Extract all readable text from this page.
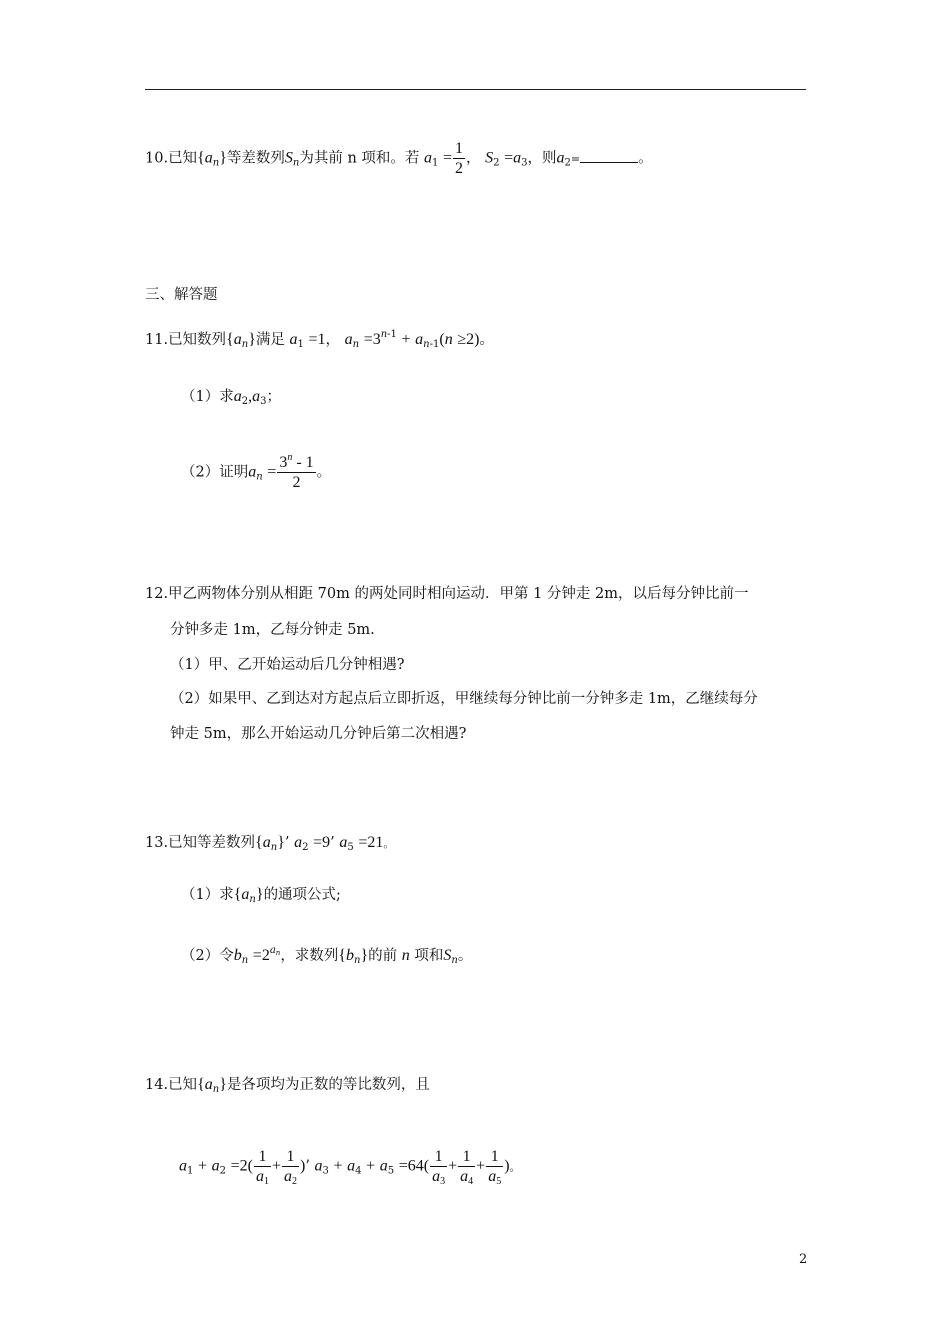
10.已知$\{a_n\}$等差数列$S_n$为其前 n 项和。若 $a_1 = \frac{1}{2}$ ， $S_2 =a_3$，则$a_2=$	。
三、解答题
11.已知数列$\{a_n\}$满足 $a_1 =1$， $a_n =3^{n-1} + a_{n-1}(n \ge 2)$。
（1）求$a_2,a_3$；
（2）证明$a_n = \frac{3^n - 1}{2}$ 。
12.甲乙两物体分别从相距 70m 的两处同时相向运动．甲第 1 分钟走 2m，以后每分钟比前一
分钟多走 1m，乙每分钟走 5m.
（1）甲、乙开始运动后几分钟相遇?
（2）如果甲、乙到达对方起点后立即折返，甲继续每分钟比前一分钟多走 1m，乙继续每分
钟走 5m，那么开始运动几分钟后第二次相遇?
13.已知等差数列$\{a_n\}$’ $a_2 =9$’ $a_5 =21$。
（1）求$\{a_n\}$的通项公式;
（2）令$b_n =2^{a_n}$，求数列$\{b_n\}$的前 n 项和$S_n$。
14.已知$\{a_n\}$是各项均为正数的等比数列，且
$a_1 + a_2 =2( \frac{1}{a_1} + \frac{1}{a_2}$ )’ $a_3 + a_4 + a_5 =64( \frac{1}{a_3} + \frac{1}{a_4} + \frac{1}{a_5}$ )。
2
